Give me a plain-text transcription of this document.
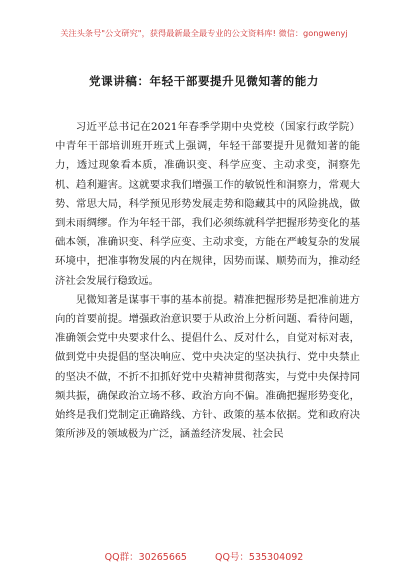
关注头条号"公文研究"，获得最新最全最专业的公文资料库! 微信：gongwenyj
党课讲稿：年轻干部要提升见微知著的能力

习近平总书记在2021年春季学期中央党校（国家行政学院）中青年干部培训班开班式上强调，年轻干部要提升见微知著的能力，透过现象看本质，准确识变、科学应变、主动求变，洞察先机、趋利避害。这就要求我们增强工作的敏锐性和洞察力，常观大势、常思大局，科学预见形势发展走势和隐藏其中的风险挑战，做到未雨绸缪。作为年轻干部，我们必须练就科学把握形势变化的基础本领，准确识变、科学应变、主动求变，方能在严峻复杂的发展环境中，把准事物发展的内在规律，因势而谋、顺势而为，推动经济社会发展行稳致远。

见微知著是谋事干事的基本前提。精准把握形势是把准前进方向的首要前提。增强政治意识要于从政治上分析问题、看待问题，准确领会党中央要求什么、提倡什么、反对什么，自觉对标对表，做到党中央提倡的坚决响应、党中央决定的坚决执行、党中央禁止的坚决不做，不折不扣抓好党中央精神贯彻落实，与党中央保持同频共振，确保政治立场不移、政治方向不偏。准确把握形势变化，始终是我们党制定正确路线、方针、政策的基本依据。党和政府决策所涉及的领域极为广泛，涵盖经济发展、社会民

QQ群：30265665	QQ号：535304092
